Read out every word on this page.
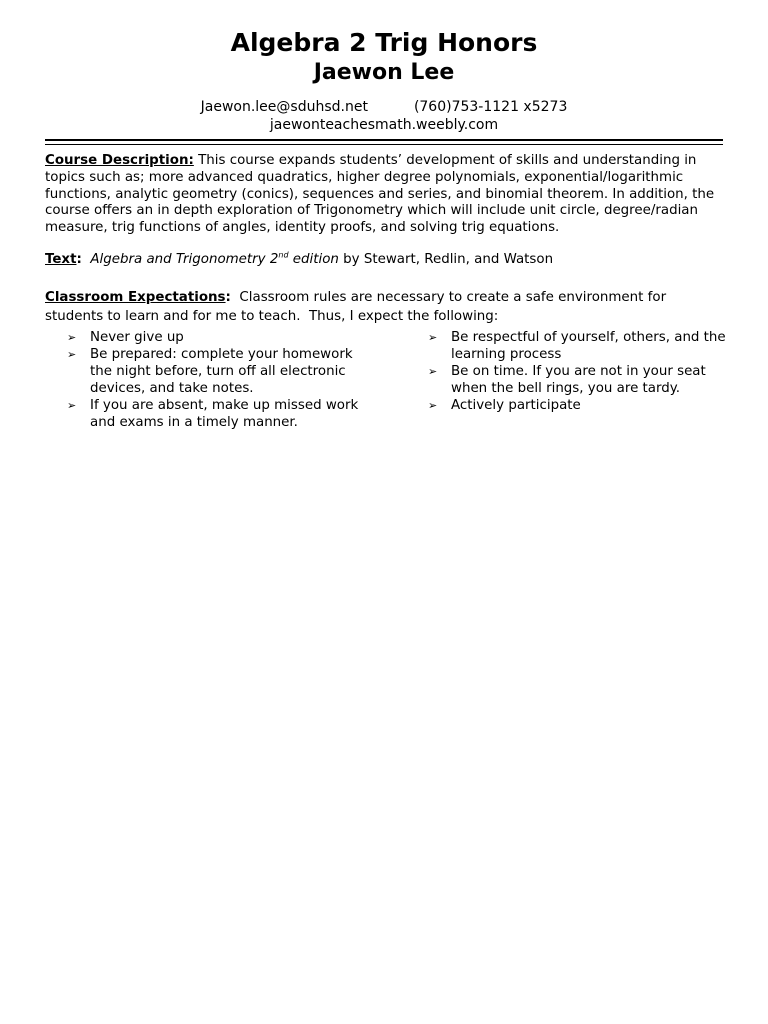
Algebra 2 Trig Honors
Jaewon Lee
Jaewon.lee@sduhsd.net	(760)753-1121 x5273
jaewonteachesmath.weebly.com
Course Description: This course expands students’ development of skills and understanding in topics such as; more advanced quadratics, higher degree polynomials, exponential/logarithmic functions, analytic geometry (conics), sequences and series, and binomial theorem. In addition, the course offers an in depth exploration of Trigonometry which will include unit circle, degree/radian measure, trig functions of angles, identity proofs, and solving trig equations.
Text: Algebra and Trigonometry 2nd edition by Stewart, Redlin, and Watson
Classroom Expectations:  Classroom rules are necessary to create a safe environment for students to learn and for me to teach.  Thus, I expect the following:
➢ Never give up
➢ Be prepared: complete your homework the night before, turn off all electronic devices, and take notes.
➢ If you are absent, make up missed work and exams in a timely manner.
➢ Be respectful of yourself, others, and the learning process
➢ Be on time. If you are not in your seat when the bell rings, you are tardy.
➢ Actively participate
